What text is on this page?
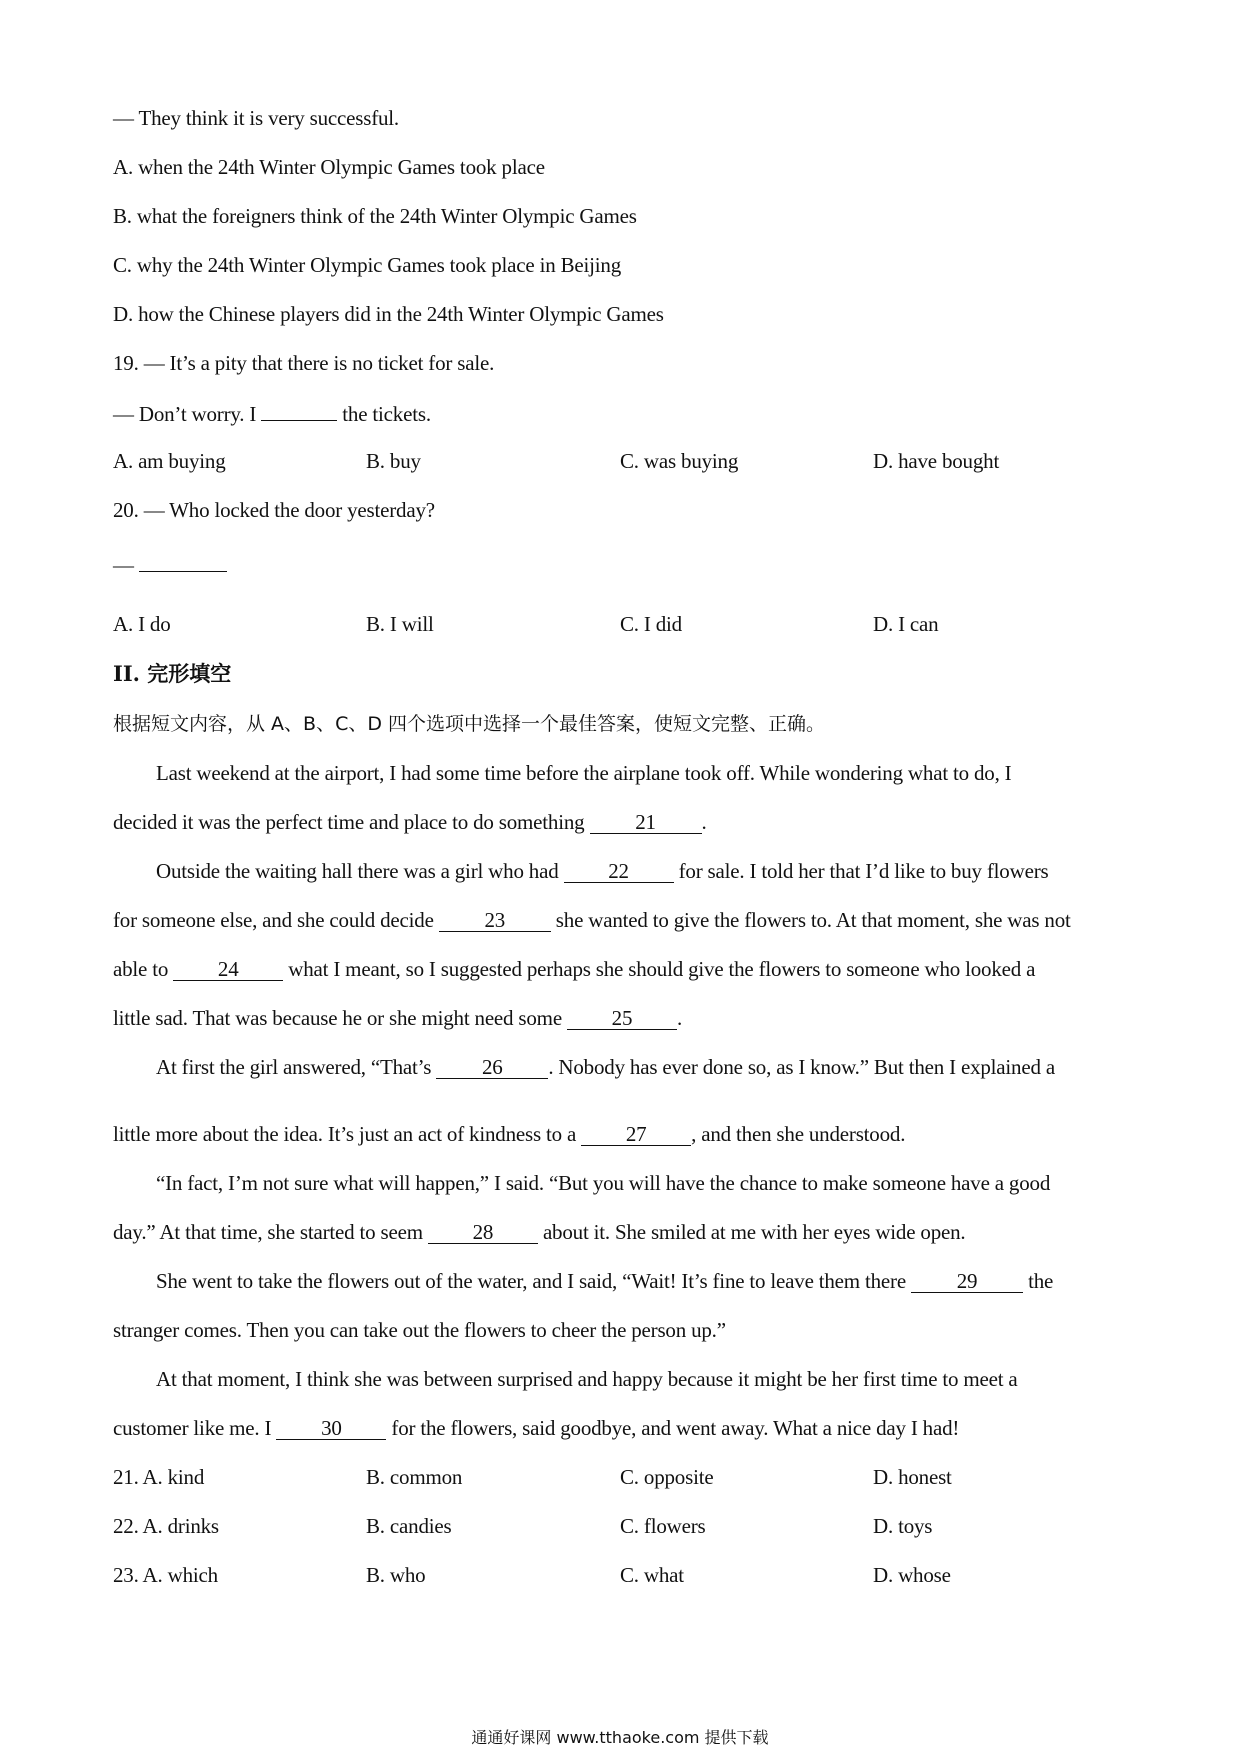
— They think it is very successful.
A. when the 24th Winter Olympic Games took place
B. what the foreigners think of the 24th Winter Olympic Games
C. why the 24th Winter Olympic Games took place in Beijing
D. how the Chinese players did in the 24th Winter Olympic Games
19. — It’s a pity that there is no ticket for sale.
— Don’t worry. I	the tickets.
A. am buying	B. buy	C. was buying	D. have bought
20. — Who locked the door yesterday?
—
A. I do	B. I will	C. I did	D. I can
II. 完形填空
根据短文内容，从 A、B、C、D 四个选项中选择一个最佳答案，使短文完整、正确。
Last weekend at the airport, I had some time before the airplane took off. While wondering what to do, I
decided it was the perfect time and place to do something 21 .
Outside the waiting hall there was a girl who had 22 for sale. I told her that I’d like to buy flowers
for someone else, and she could decide 23 she wanted to give the flowers to. At that moment, she was not
able to 24 what I meant, so I suggested perhaps she should give the flowers to someone who looked a
little sad. That was because he or she might need some 25 .
At first the girl answered, “That’s 26 . Nobody has ever done so, as I know.” But then I explained a
little more about the idea. It’s just an act of kindness to a 27 , and then she understood.
“In fact, I’m not sure what will happen,” I said. “But you will have the chance to make someone have a good
day.” At that time, she started to seem 28 about it. She smiled at me with her eyes wide open.
She went to take the flowers out of the water, and I said, “Wait! It’s fine to leave them there 29 the
stranger comes. Then you can take out the flowers to cheer the person up.”
At that moment, I think she was between surprised and happy because it might be her first time to meet a
customer like me. I 30 for the flowers, said goodbye, and went away. What a nice day I had!
21. A. kind	B. common	C. opposite	D. honest
22. A. drinks	B. candies	C. flowers	D. toys
23. A. which	B. who	C. what	D. whose
通通好课网 www.tthaoke.com 提供下载
